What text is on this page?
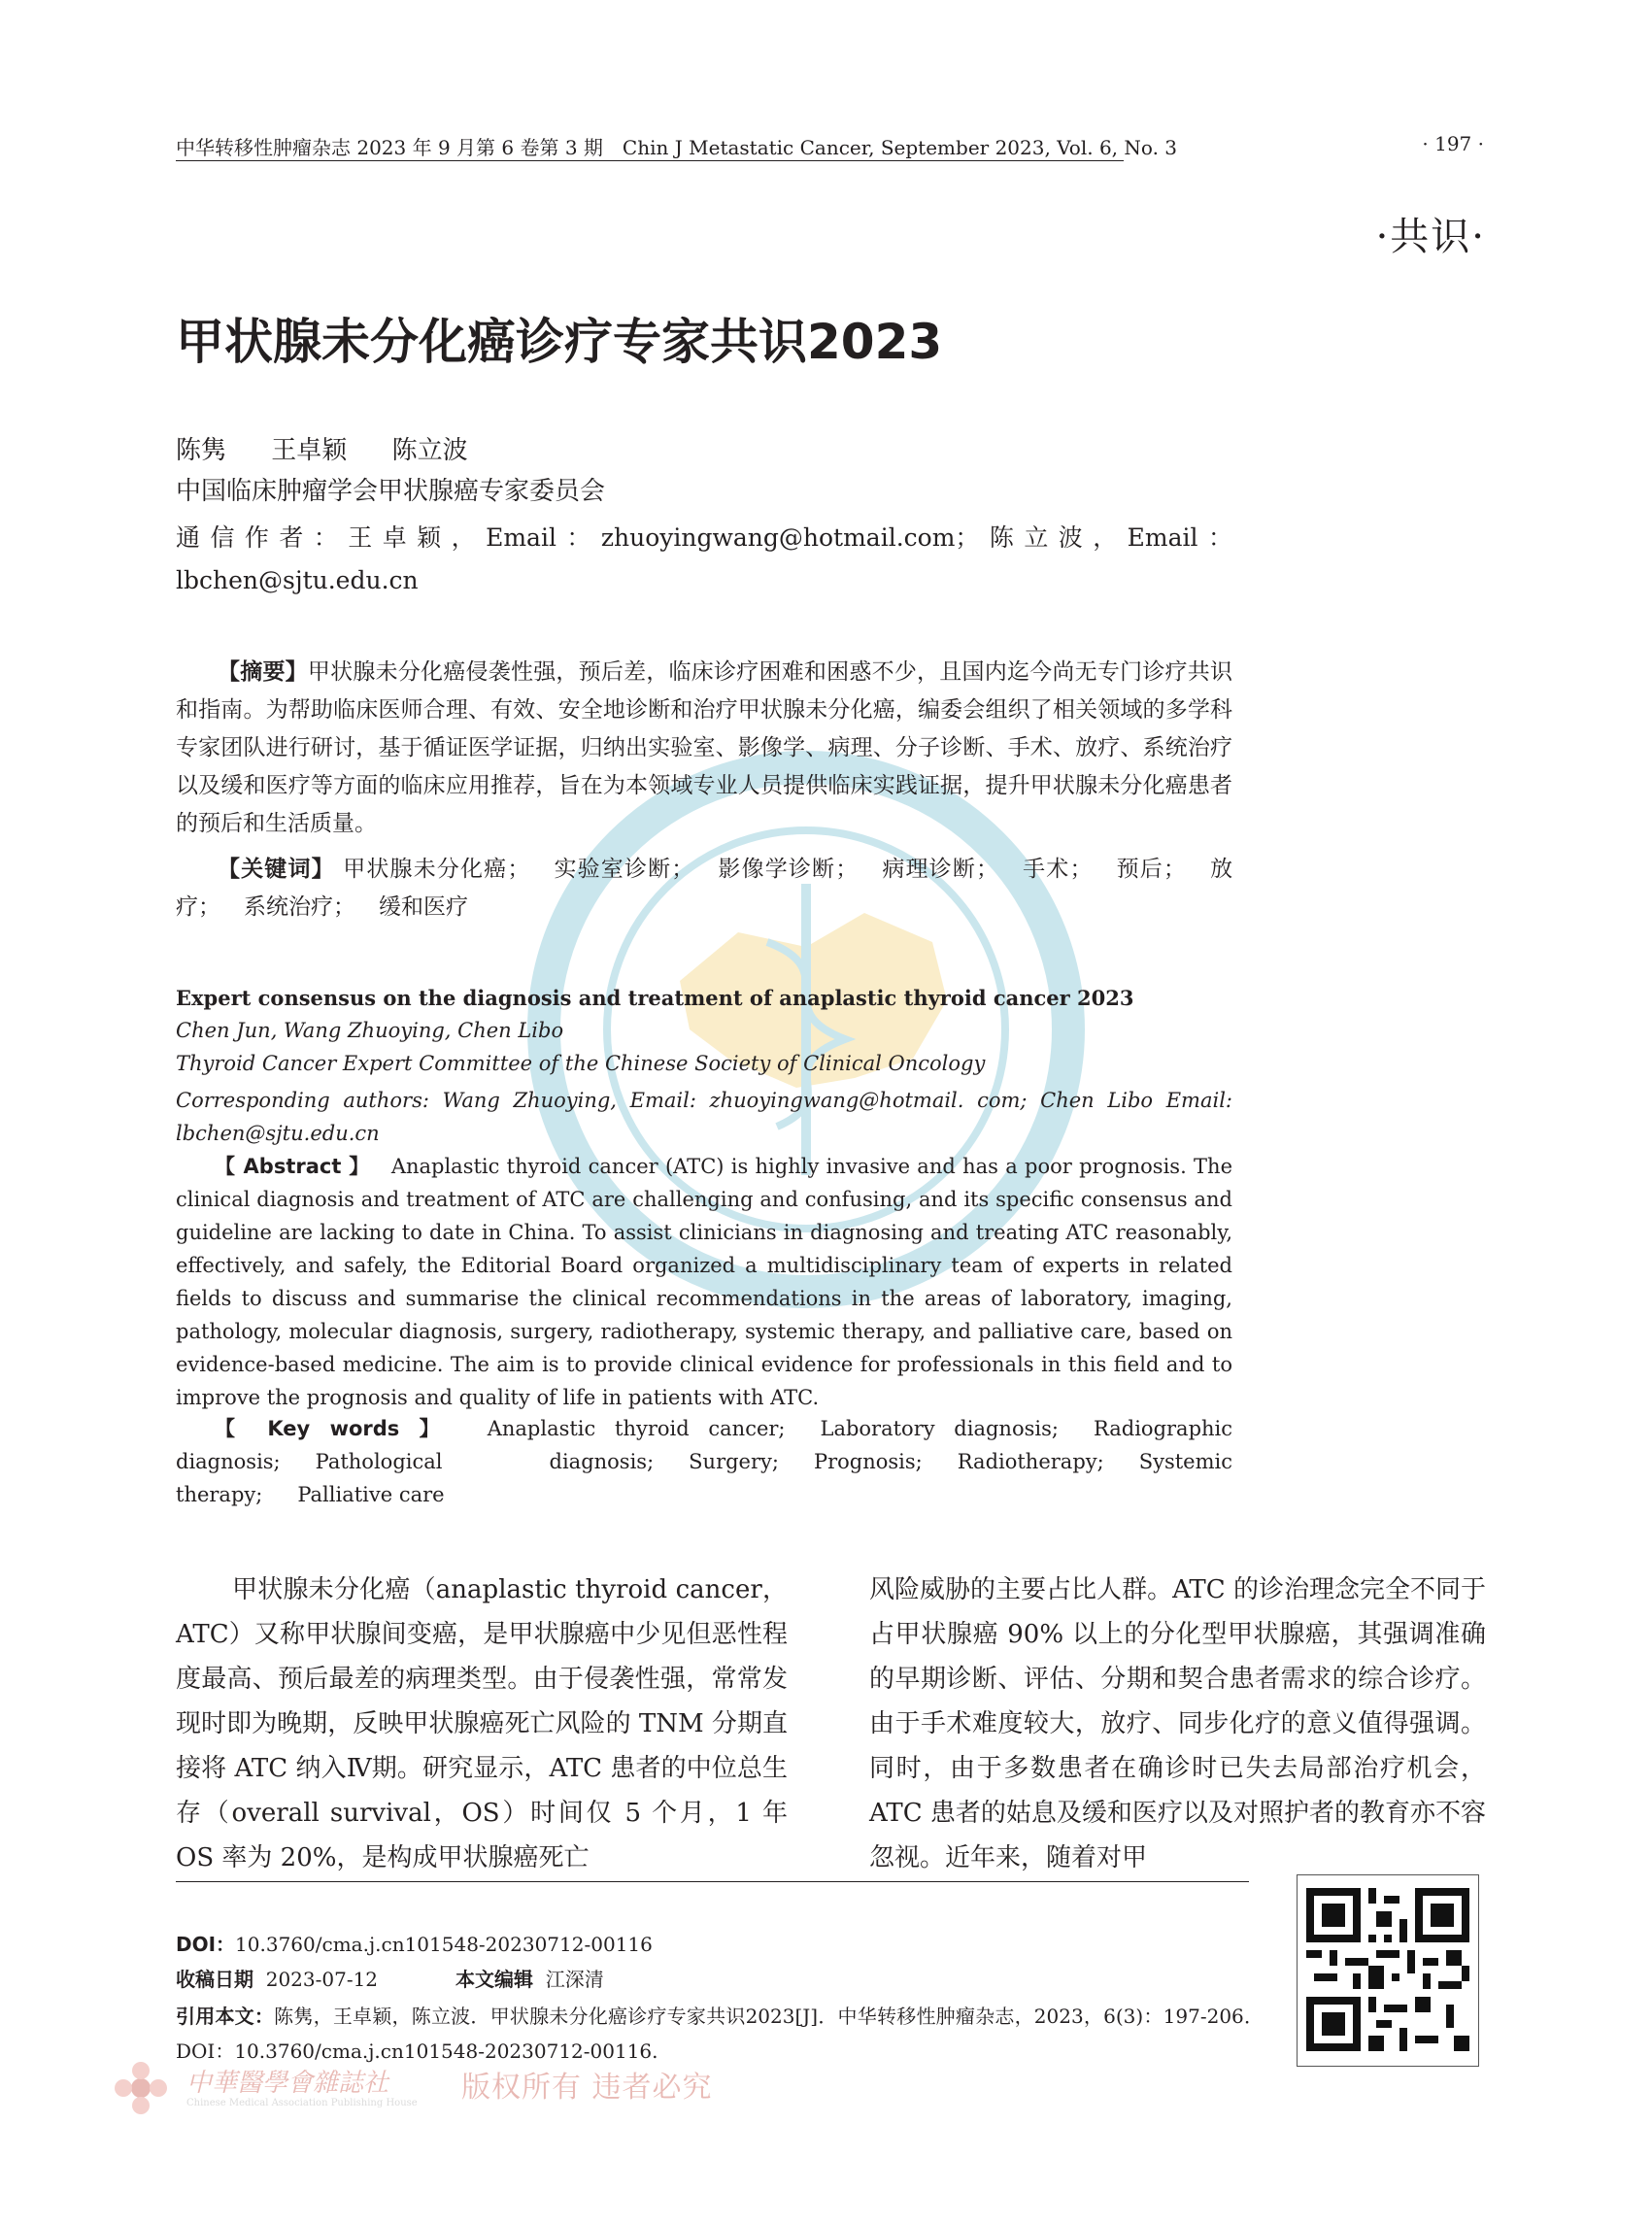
中华转移性肿瘤杂志 2023 年 9 月第 6 卷第 3 期　Chin J Metastatic Cancer, September 2023, Vol. 6, No. 3	· 197 ·
·共识·
甲状腺未分化癌诊疗专家共识2023
陈隽 王卓颖 陈立波
中国临床肿瘤学会甲状腺癌专家委员会
通信作者：王卓颖，Email：zhuoyingwang@hotmail.com；陈立波，Email：lbchen@sjtu.edu.cn
【摘要】甲状腺未分化癌侵袭性强，预后差，临床诊疗困难和困惑不少，且国内迄今尚无专门诊疗共识和指南。为帮助临床医师合理、有效、安全地诊断和治疗甲状腺未分化癌，编委会组织了相关领域的多学科专家团队进行研讨，基于循证医学证据，归纳出实验室、影像学、病理、分子诊断、手术、放疗、系统治疗以及缓和医疗等方面的临床应用推荐，旨在为本领域专业人员提供临床实践证据，提升甲状腺未分化癌患者的预后和生活质量。
【关键词】 甲状腺未分化癌； 实验室诊断； 影像学诊断； 病理诊断； 手术； 预后； 放疗； 系统治疗； 缓和医疗
Expert consensus on the diagnosis and treatment of anaplastic thyroid cancer 2023
Chen Jun, Wang Zhuoying, Chen Libo
Thyroid Cancer Expert Committee of the Chinese Society of Clinical Oncology
Corresponding authors: Wang Zhuoying, Email: zhuoyingwang@hotmail. com; Chen Libo Email: lbchen@sjtu.edu.cn
【 Abstract 】 Anaplastic thyroid cancer (ATC) is highly invasive and has a poor prognosis. The clinical diagnosis and treatment of ATC are challenging and confusing, and its specific consensus and guideline are lacking to date in China. To assist clinicians in diagnosing and treating ATC reasonably, effectively, and safely, the Editorial Board organized a multidisciplinary team of experts in related fields to discuss and summarise the clinical recommendations in the areas of laboratory, imaging, pathology, molecular diagnosis, surgery, radiotherapy, systemic therapy, and palliative care, based on evidence-based medicine. The aim is to provide clinical evidence for professionals in this field and to improve the prognosis and quality of life in patients with ATC.
【 Key words 】 Anaplastic thyroid cancer; Laboratory diagnosis; Radiographic diagnosis; Pathological diagnosis; Surgery; Prognosis; Radiotherapy; Systemic therapy; Palliative care
甲状腺未分化癌（anaplastic thyroid cancer，ATC）又称甲状腺间变癌，是甲状腺癌中少见但恶性程度最高、预后最差的病理类型。由于侵袭性强，常常发现时即为晚期，反映甲状腺癌死亡风险的 TNM 分期直接将 ATC 纳入Ⅳ期。研究显示，ATC 患者的中位总生存（overall survival，OS）时间仅 5 个月，1 年 OS 率为 20%，是构成甲状腺癌死亡
风险威胁的主要占比人群。ATC 的诊治理念完全不同于占甲状腺癌 90% 以上的分化型甲状腺癌，其强调准确的早期诊断、评估、分期和契合患者需求的综合诊疗。由于手术难度较大，放疗、同步化疗的意义值得强调。同时，由于多数患者在确诊时已失去局部治疗机会，ATC 患者的姑息及缓和医疗以及对照护者的教育亦不容忽视。近年来，随着对甲
DOI：10.3760/cma.j.cn101548-20230712-00116
收稿日期 2023-07-12	本文编辑 江深清
引用本文：陈隽，王卓颖，陈立波．甲状腺未分化癌诊疗专家共识2023[J]．中华转移性肿瘤杂志，2023，6(3)：197-206．DOI：10.3760/cma.j.cn101548-20230712-00116.
中華醫學會雜誌社
Chinese Medical Association Publishing House 版权所有 违者必究
